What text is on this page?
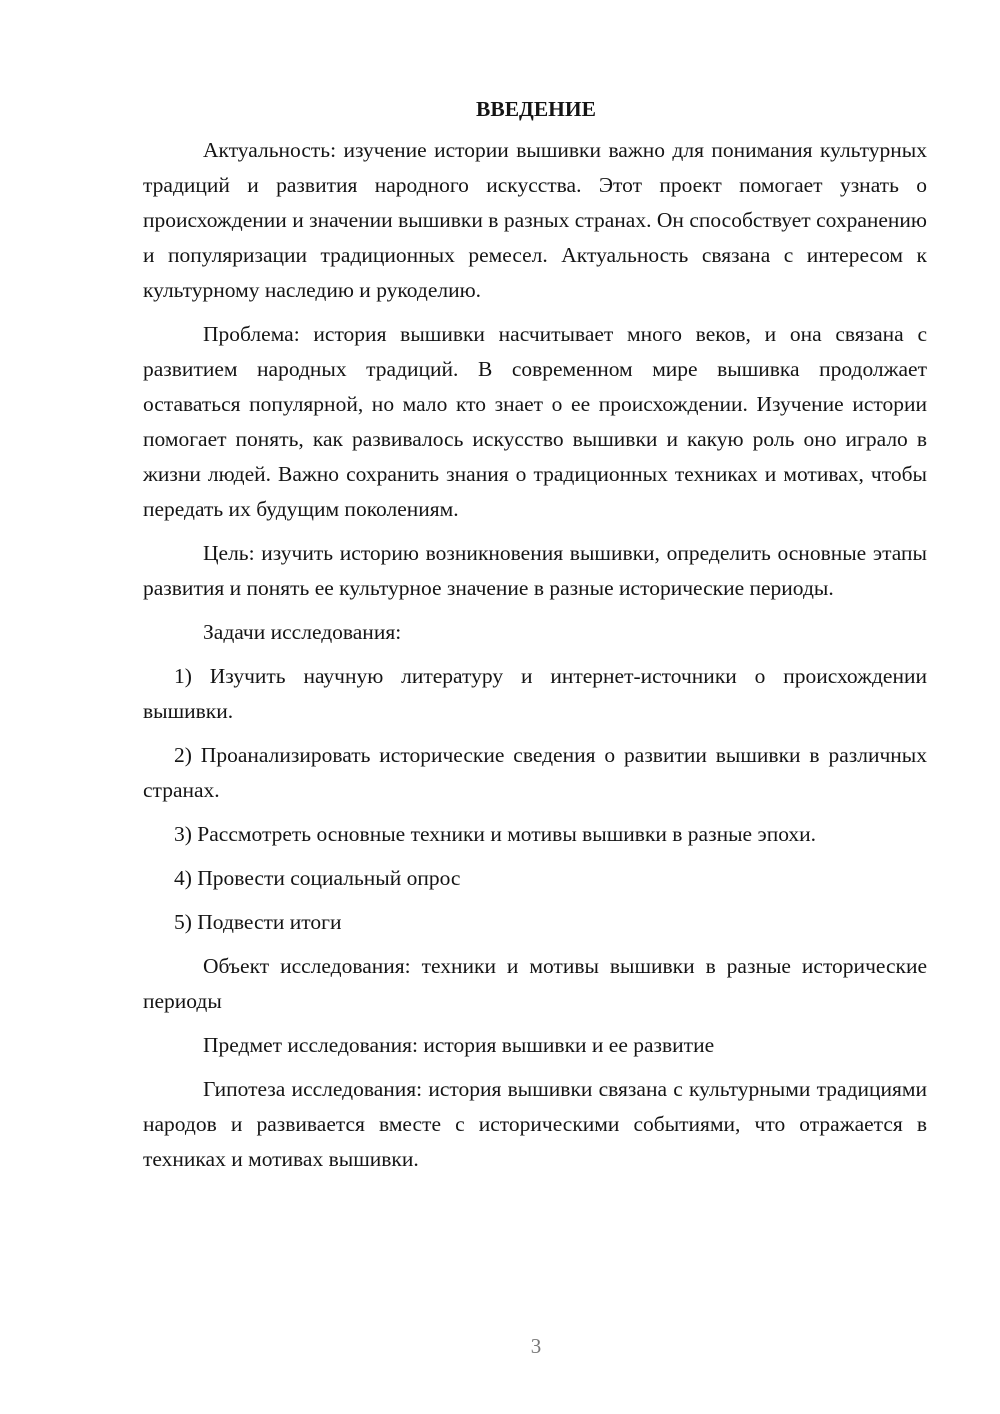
ВВЕДЕНИЕ

Актуальность: изучение истории вышивки важно для понимания культурных традиций и развития народного искусства. Этот проект помогает узнать о происхождении и значении вышивки в разных странах. Он способствует сохранению и популяризации традиционных ремесел. Актуальность связана с интересом к культурному наследию и рукоделию.

Проблема: история вышивки насчитывает много веков, и она связана с развитием народных традиций. В современном мире вышивка продолжает оставаться популярной, но мало кто знает о ее происхождении. Изучение истории помогает понять, как развивалось искусство вышивки и какую роль оно играло в жизни людей. Важно сохранить знания о традиционных техниках и мотивах, чтобы передать их будущим поколениям.

Цель: изучить историю возникновения вышивки, определить основные этапы развития и понять ее культурное значение в разные исторические периоды.

Задачи исследования:

1) Изучить научную литературу и интернет-источники о происхождении вышивки.

2) Проанализировать исторические сведения о развитии вышивки в различных странах.

3) Рассмотреть основные техники и мотивы вышивки в разные эпохи.

4) Провести социальный опрос

5) Подвести итоги

Объект исследования: техники и мотивы вышивки в разные исторические периоды

Предмет исследования: история вышивки и ее развитие

Гипотеза исследования: история вышивки связана с культурными традициями народов и развивается вместе с историческими событиями, что отражается в техниках и мотивах вышивки.

3
